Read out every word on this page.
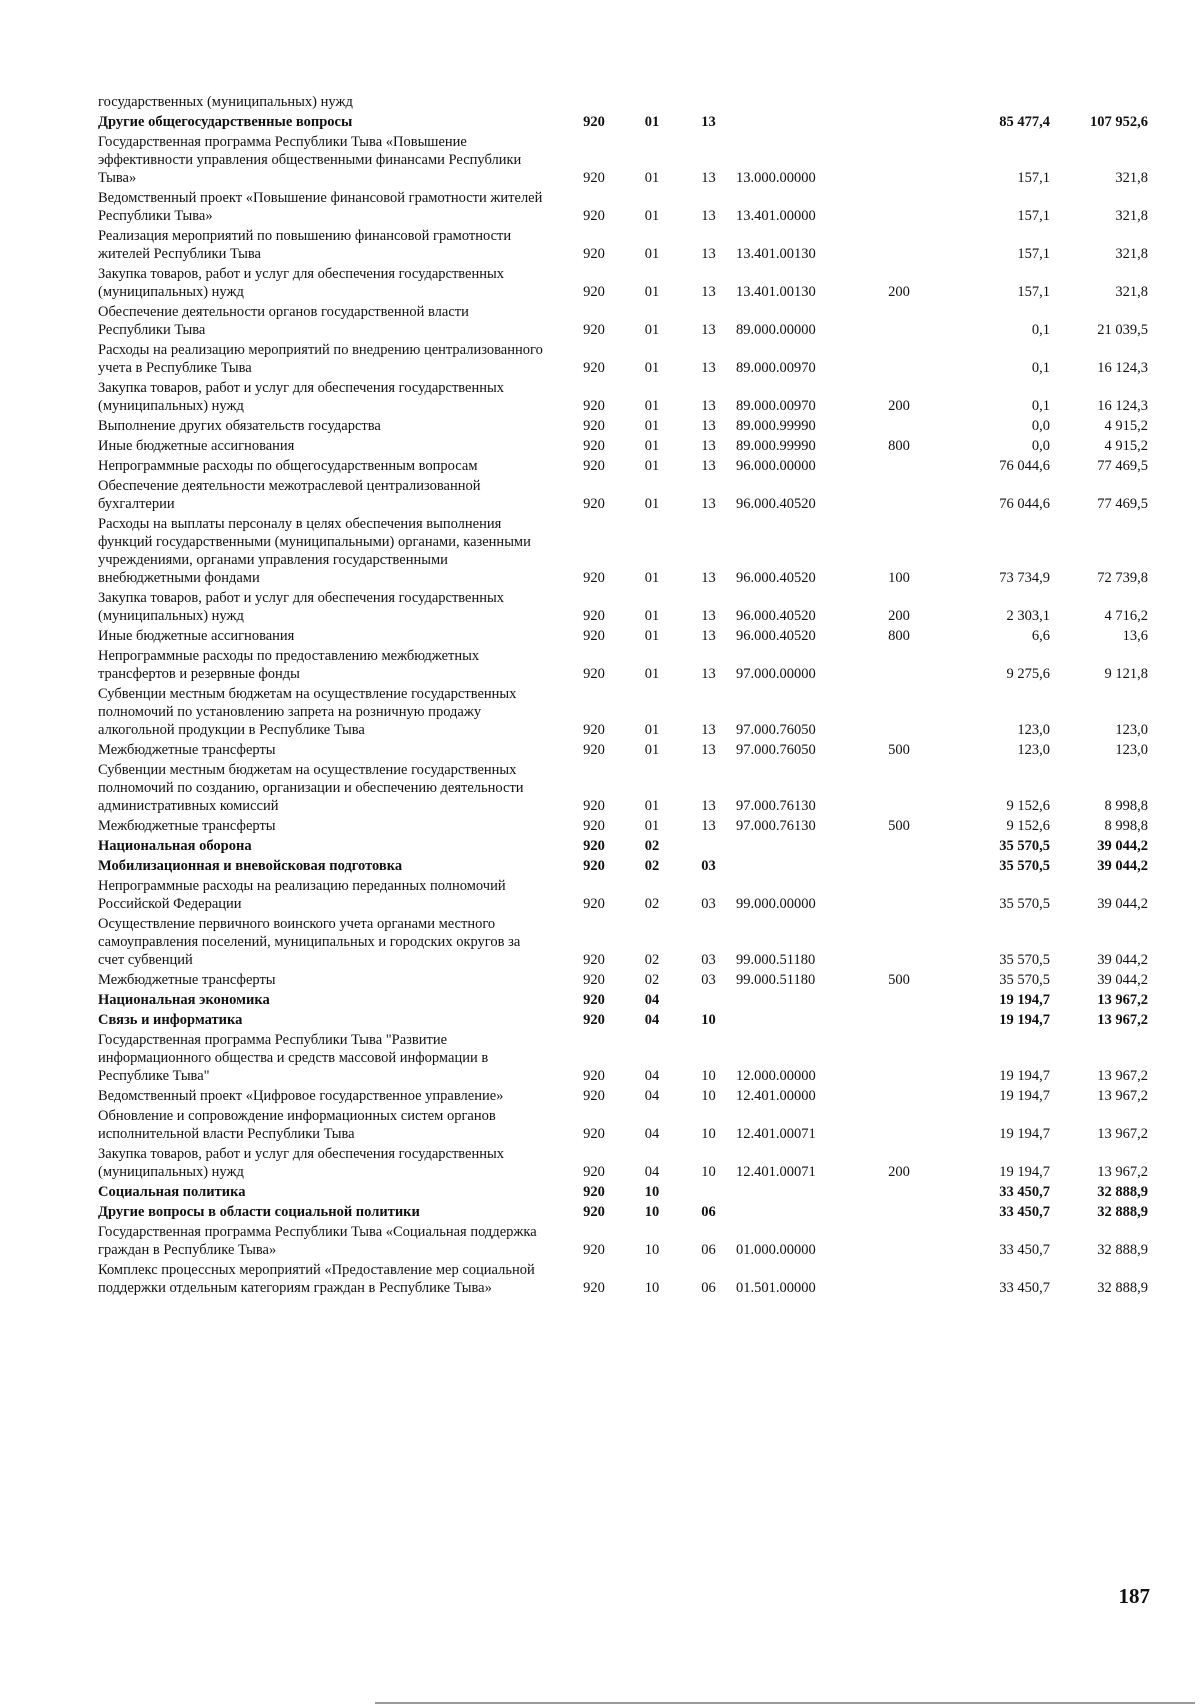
государственных (муниципальных) нужд							
Другие общегосударственные вопросы	920	01	13			85 477,4	107 952,6
Государственная программа Республики Тыва «Повышение эффективности управления общественными финансами Республики Тыва»	920	01	13	13.000.00000		157,1	321,8
Ведомственный проект «Повышение финансовой грамотности жителей Республики Тыва»	920	01	13	13.401.00000		157,1	321,8
Реализация мероприятий по повышению финансовой грамотности жителей Республики Тыва	920	01	13	13.401.00130		157,1	321,8
Закупка товаров, работ и услуг для обеспечения государственных (муниципальных) нужд	920	01	13	13.401.00130	200	157,1	321,8
Обеспечение деятельности органов государственной власти Республики Тыва	920	01	13	89.000.00000		0,1	21 039,5
Расходы на реализацию мероприятий по внедрению централизованного учета в Республике Тыва	920	01	13	89.000.00970		0,1	16 124,3
Закупка товаров, работ и услуг для обеспечения государственных (муниципальных) нужд	920	01	13	89.000.00970	200	0,1	16 124,3
Выполнение других обязательств государства	920	01	13	89.000.99990		0,0	4 915,2
Иные бюджетные ассигнования	920	01	13	89.000.99990	800	0,0	4 915,2
Непрограммные расходы по общегосударственным вопросам	920	01	13	96.000.00000		76 044,6	77 469,5
Обеспечение деятельности межотраслевой централизованной бухгалтерии	920	01	13	96.000.40520		76 044,6	77 469,5
Расходы на выплаты персоналу в целях обеспечения выполнения функций государственными (муниципальными) органами, казенными учреждениями, органами управления государственными внебюджетными фондами	920	01	13	96.000.40520	100	73 734,9	72 739,8
Закупка товаров, работ и услуг для обеспечения государственных (муниципальных) нужд	920	01	13	96.000.40520	200	2 303,1	4 716,2
Иные бюджетные ассигнования	920	01	13	96.000.40520	800	6,6	13,6
Непрограммные расходы по предоставлению межбюджетных трансфертов и резервные фонды	920	01	13	97.000.00000		9 275,6	9 121,8
Субвенции местным бюджетам на осуществление государственных полномочий по установлению запрета на розничную продажу алкогольной продукции в Республике Тыва	920	01	13	97.000.76050		123,0	123,0
Межбюджетные трансферты	920	01	13	97.000.76050	500	123,0	123,0
Субвенции местным бюджетам на осуществление государственных полномочий по созданию, организации и обеспечению деятельности административных комиссий	920	01	13	97.000.76130		9 152,6	8 998,8
Межбюджетные трансферты	920	01	13	97.000.76130	500	9 152,6	8 998,8
Национальная оборона	920	02				35 570,5	39 044,2
Мобилизационная и вневойсковая подготовка	920	02	03			35 570,5	39 044,2
Непрограммные расходы на реализацию переданных полномочий Российской Федерации	920	02	03	99.000.00000		35 570,5	39 044,2
Осуществление первичного воинского учета органами местного самоуправления поселений, муниципальных и городских округов за счет субвенций	920	02	03	99.000.51180		35 570,5	39 044,2
Межбюджетные трансферты	920	02	03	99.000.51180	500	35 570,5	39 044,2
Национальная экономика	920	04				19 194,7	13 967,2
Связь и информатика	920	04	10			19 194,7	13 967,2
Государственная программа Республики Тыва "Развитие информационного общества и средств массовой информации в Республике Тыва"	920	04	10	12.000.00000		19 194,7	13 967,2
Ведомственный проект «Цифровое государственное управление»	920	04	10	12.401.00000		19 194,7	13 967,2
Обновление и сопровождение информационных систем органов исполнительной власти Республики Тыва	920	04	10	12.401.00071		19 194,7	13 967,2
Закупка товаров, работ и услуг для обеспечения государственных (муниципальных) нужд	920	04	10	12.401.00071	200	19 194,7	13 967,2
Социальная политика	920	10				33 450,7	32 888,9
Другие вопросы в области социальной политики	920	10	06			33 450,7	32 888,9
Государственная программа Республики Тыва «Социальная поддержка граждан в Республике Тыва»	920	10	06	01.000.00000		33 450,7	32 888,9
Комплекс процессных мероприятий «Предоставление мер социальной поддержки отдельным категориям граждан в Республике Тыва»	920	10	06	01.501.00000		33 450,7	32 888,9
187
